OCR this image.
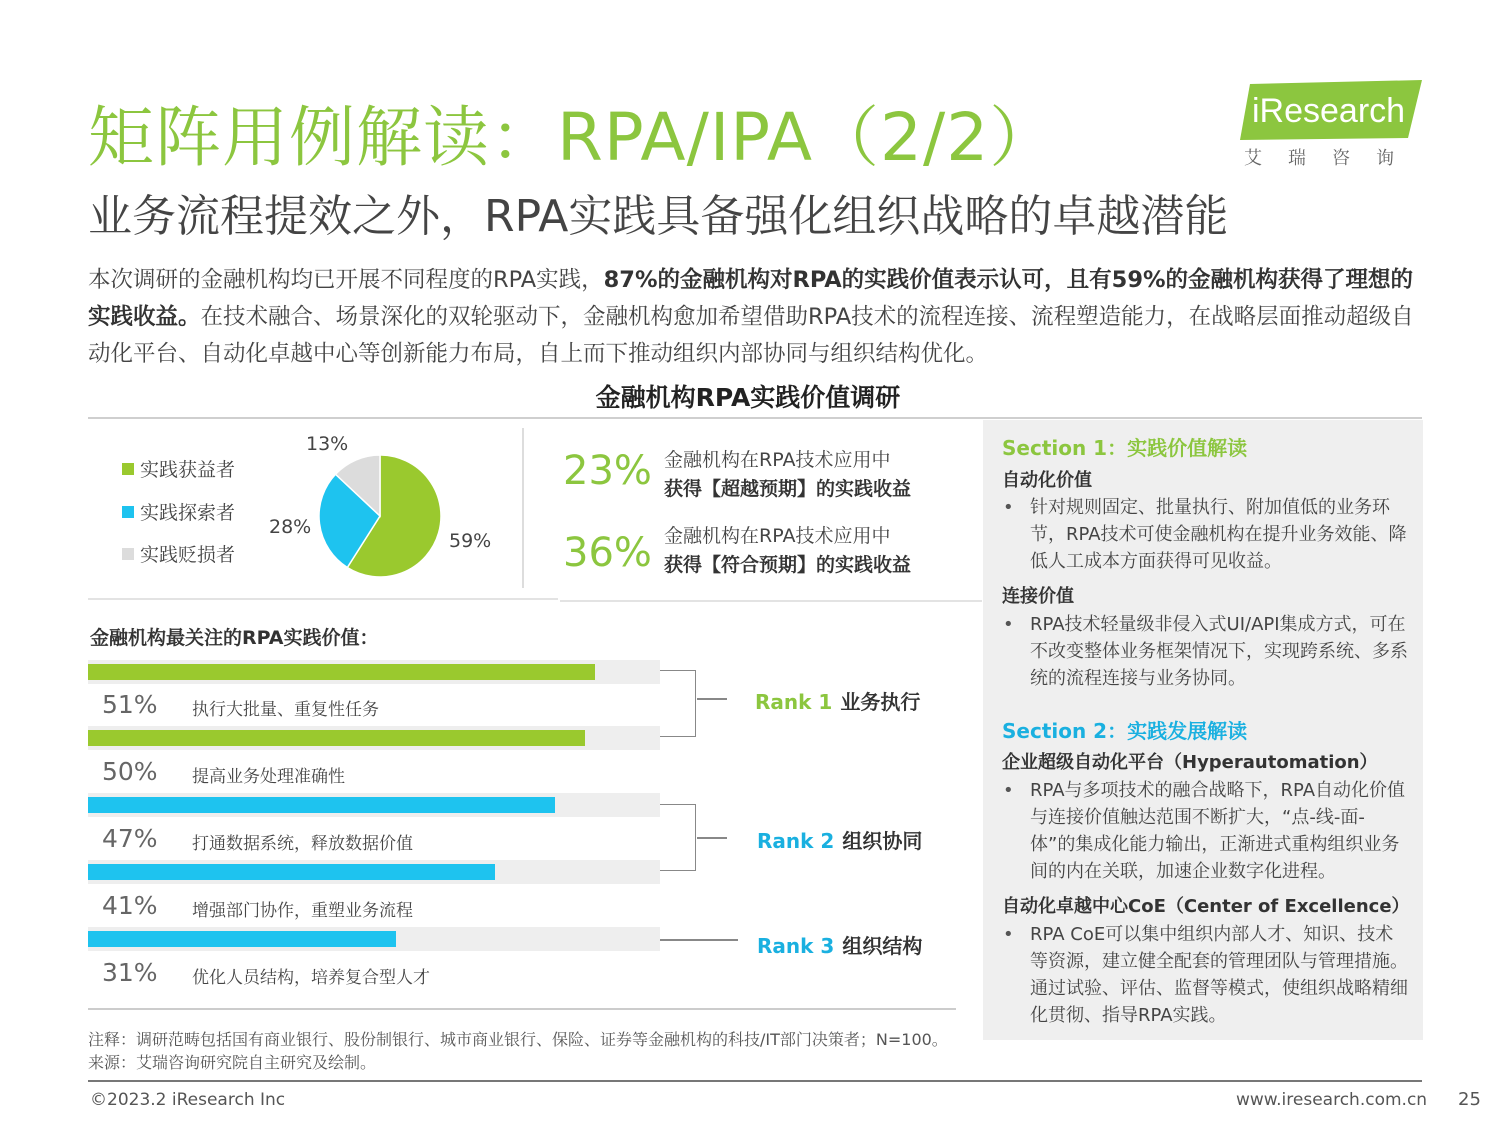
矩阵用例解读：RPA/IPA（2/2）
业务流程提效之外，RPA实践具备强化组织战略的卓越潜能
iResearch
艾瑞咨询
本次调研的金融机构均已开展不同程度的RPA实践，87%的金融机构对RPA的实践价值表示认可，且有59%的金融机构获得了理想的实践收益。在技术融合、场景深化的双轮驱动下，金融机构愈加希望借助RPA技术的流程连接、流程塑造能力，在战略层面推动超级自动化平台、自动化卓越中心等创新能力布局，自上而下推动组织内部协同与组织结构优化。
金融机构RPA实践价值调研
实践获益者
实践探索者
实践贬损者
13%
28%
59%
23% 金融机构在RPA技术应用中
获得【超越预期】的实践收益
36% 金融机构在RPA技术应用中
获得【符合预期】的实践收益
金融机构最关注的RPA实践价值：
51% 执行大批量、重复性任务
50% 提高业务处理准确性
47% 打通数据系统，释放数据价值
41% 增强部门协作，重塑业务流程
31% 优化人员结构，培养复合型人才
Rank 1 业务执行
Rank 2 组织协同
Rank 3 组织结构
注释：调研范畴包括国有商业银行、股份制银行、城市商业银行、保险、证券等金融机构的科技/IT部门决策者；N=100。
来源：艾瑞咨询研究院自主研究及绘制。
Section 1：实践价值解读
自动化价值
• 针对规则固定、批量执行、附加值低的业务环节，RPA技术可使金融机构在提升业务效能、降低人工成本方面获得可见收益。
连接价值
• RPA技术轻量级非侵入式UI/API集成方式，可在不改变整体业务框架情况下，实现跨系统、多系统的流程连接与业务协同。
Section 2：实践发展解读
企业超级自动化平台（Hyperautomation）
• RPA与多项技术的融合战略下，RPA自动化价值与连接价值触达范围不断扩大，“点-线-面-体”的集成化能力输出，正渐进式重构组织业务间的内在关联，加速企业数字化进程。
自动化卓越中心CoE（Center of Excellence）
• RPA CoE可以集中组织内部人才、知识、技术等资源，建立健全配套的管理团队与管理措施。通过试验、评估、监督等模式，使组织战略精细化贯彻、指导RPA实践。
©2023.2 iResearch Inc	www.iresearch.com.cn 25
